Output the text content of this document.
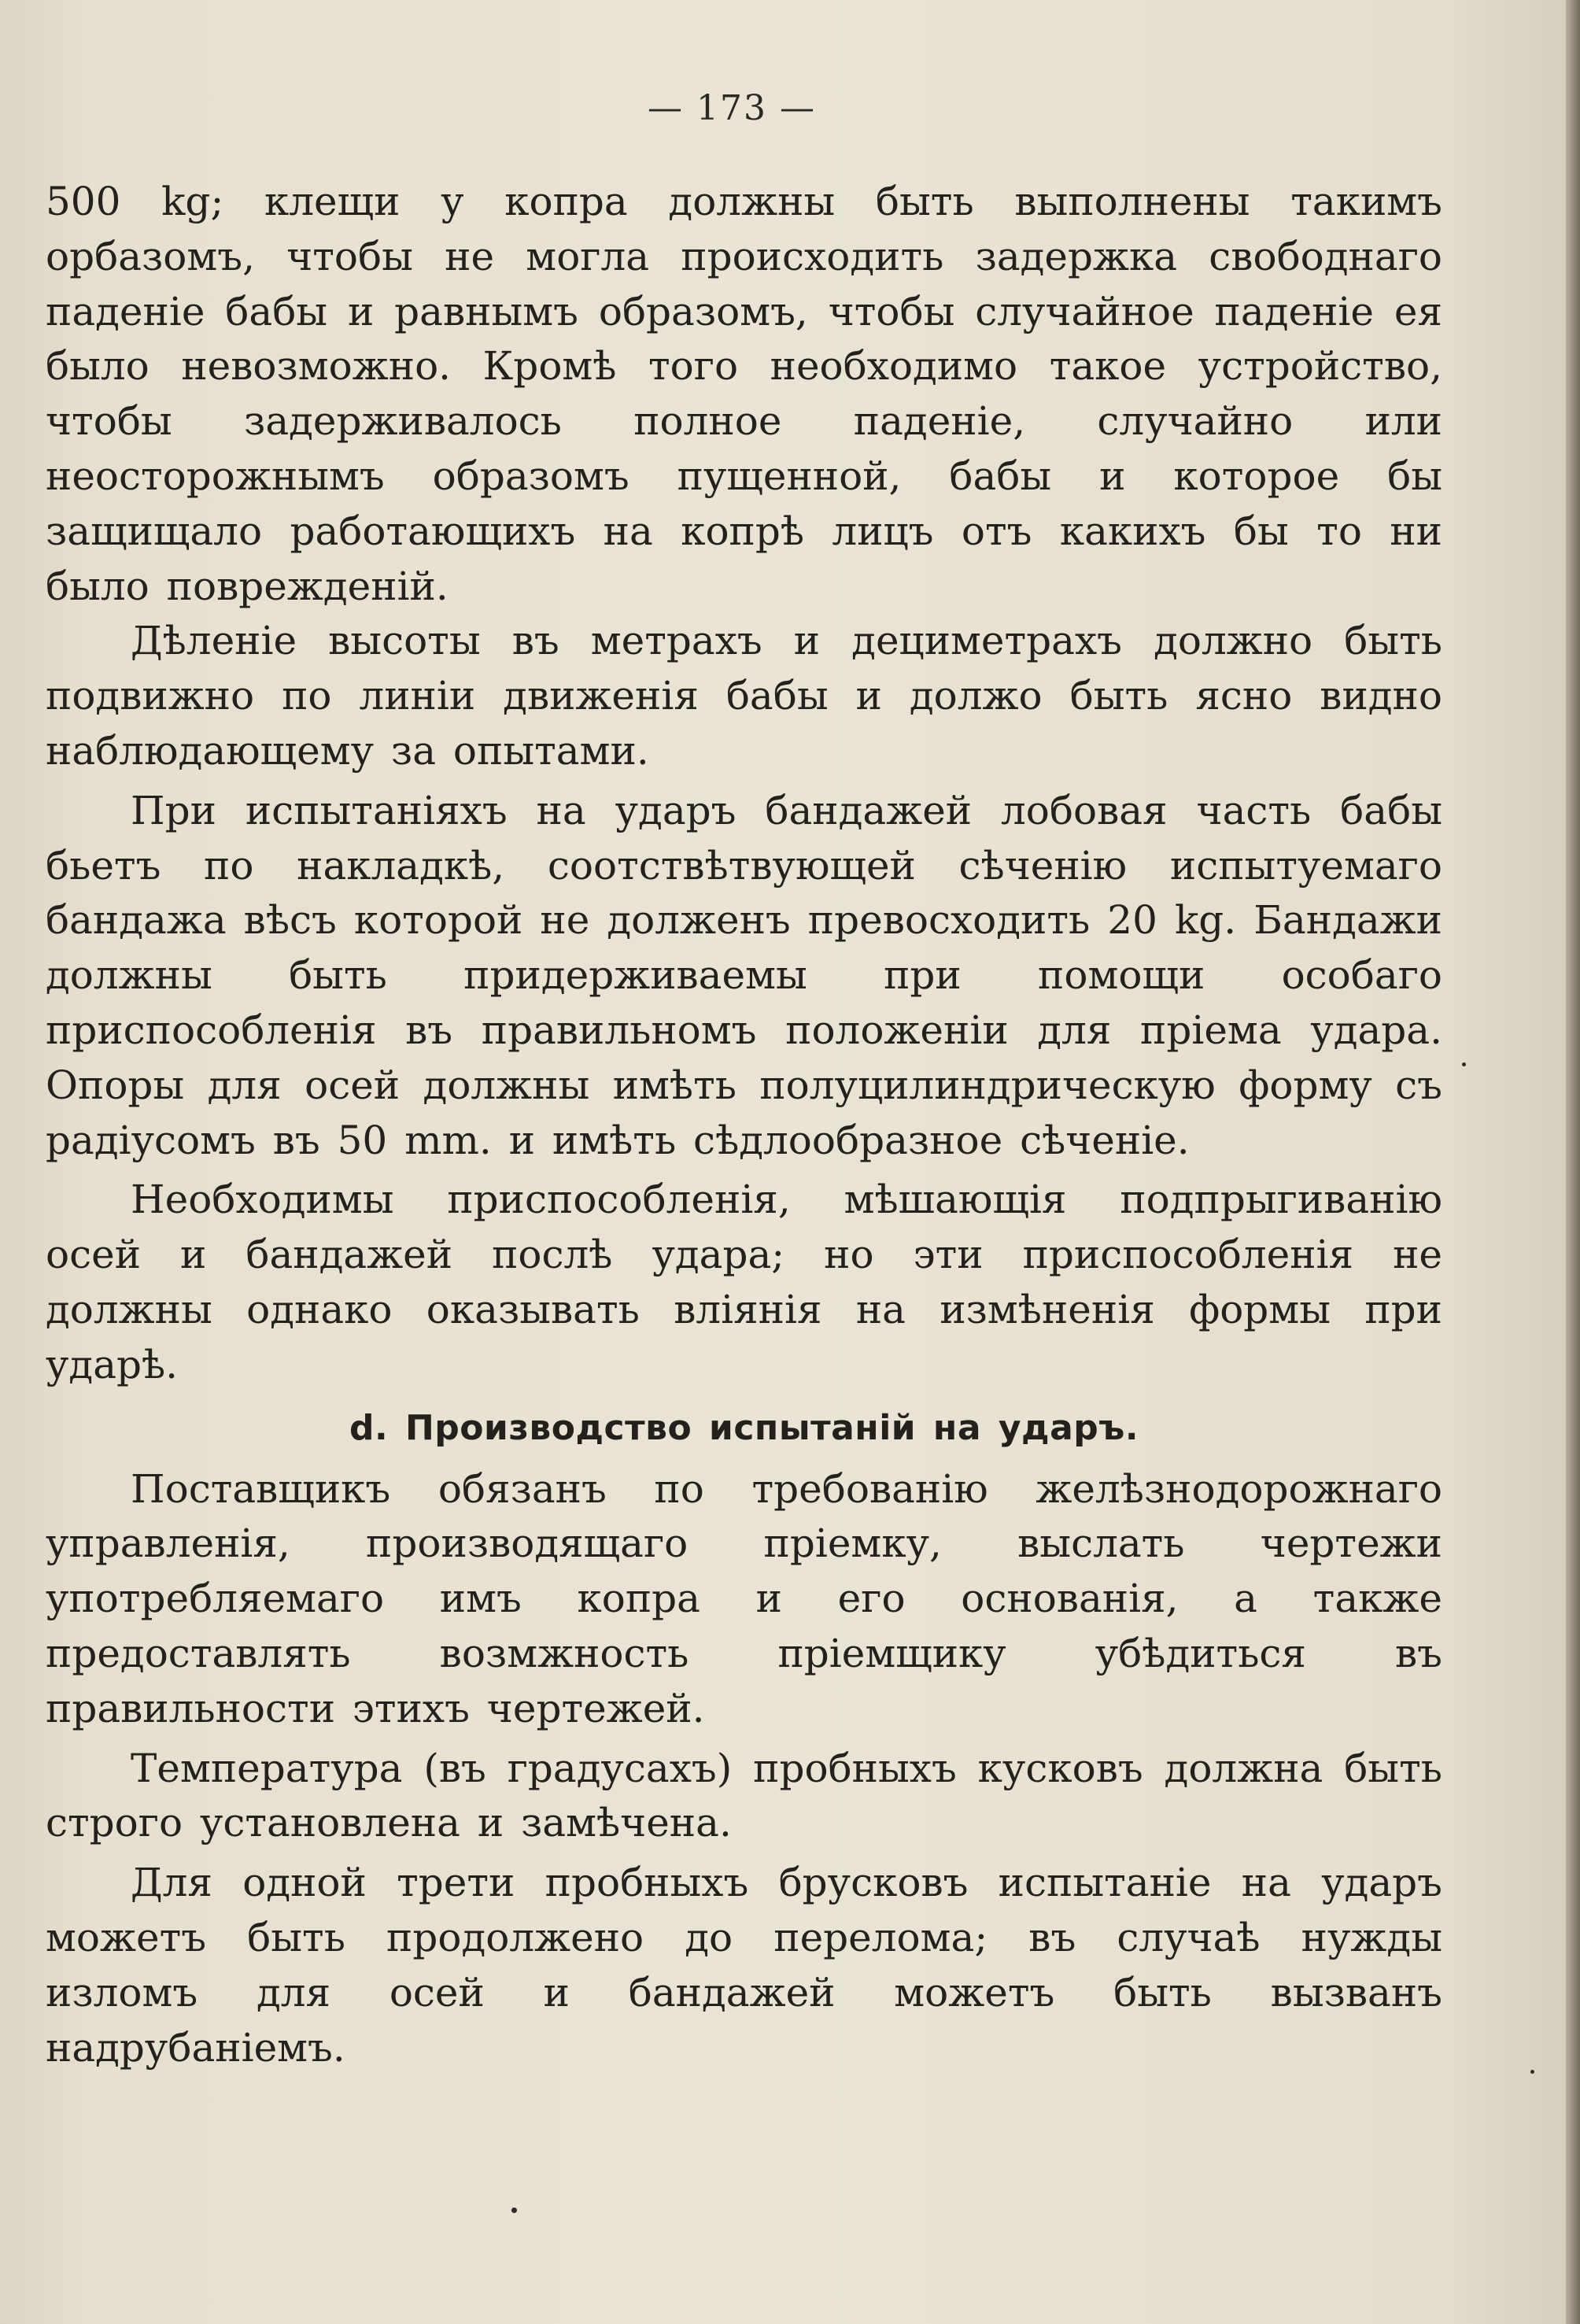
— 173 —

500 kg; клещи у копра должны быть выполнены такимъ орбазомъ, чтобы не могла происходить задержка свободнаго паденіе бабы и равнымъ образомъ, чтобы случайное паденіе ея было невозможно. Кромѣ того необходимо такое устройство, чтобы задерживалось полное паденіе, случайно или неосторожнымъ образомъ пущенной, бабы и которое бы защищало работающихъ на копрѣ лицъ отъ какихъ бы то ни было поврежденій.

Дѣленіе высоты въ метрахъ и дециметрахъ должно быть подвижно по линіи движенія бабы и должо быть ясно видно наблюдающему за опытами.

При испытаніяхъ на ударъ бандажей лобовая часть бабы бьетъ по накладкѣ, соотствѣтвующей сѣченію испытуемаго бандажа вѣсъ которой не долженъ превосходить 20 kg. Бандажи должны быть придерживаемы при помощи особаго приспособленія въ правильномъ положеніи для пріема удара. Опоры для осей должны имѣть полуцилиндрическую форму съ радіусомъ въ 50 mm. и имѣть сѣдлообразное сѣченіе.

Необходимы приспособленія, мѣшающія подпрыгиванію осей и бандажей послѣ удара; но эти приспособленія не должны однако оказывать вліянія на измѣненія формы при ударѣ.

d. Производство испытаній на ударъ.

Поставщикъ обязанъ по требованію желѣзнодорожнаго управленія, производящаго пріемку, выслать чертежи употребляемаго имъ копра и его основанія, а также предоставлять возмжность пріемщику убѣдиться въ правильности этихъ чертежей.

Температура (въ градусахъ) пробныхъ кусковъ должна быть строго установлена и замѣчена.

Для одной трети пробныхъ брусковъ испытаніе на ударъ можетъ быть продолжено до перелома; въ случаѣ нужды изломъ для осей и бандажей можетъ быть вызванъ надрубаніемъ.
